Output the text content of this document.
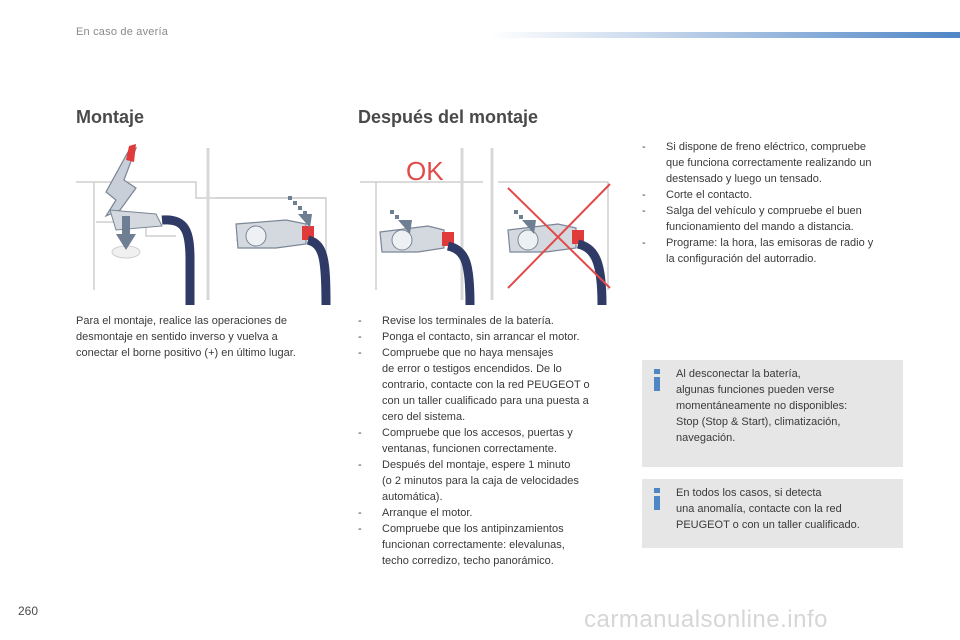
En caso de avería
Montaje
Para el montaje, realice las operaciones de
desmontaje en sentido inverso y vuelva a
conectar el borne positivo (+) en último lugar.
Después del montaje
OK
- Revise los terminales de la batería.
- Ponga el contacto, sin arrancar el motor.
- Compruebe que no haya mensajes
de error o testigos encendidos. De lo
contrario, contacte con la red PEUGEOT o
con un taller cualificado para una puesta a
cero del sistema.
- Compruebe que los accesos, puertas y
ventanas, funcionen correctamente.
- Después del montaje, espere 1 minuto
(o 2 minutos para la caja de velocidades
automática).
- Arranque el motor.
- Compruebe que los antipinzamientos
funcionan correctamente: elevalunas,
techo corredizo, techo panorámico.
- Si dispone de freno eléctrico, compruebe
que funciona correctamente realizando un
destensado y luego un tensado.
- Corte el contacto.
- Salga del vehículo y compruebe el buen
funcionamiento del mando a distancia.
- Programe: la hora, las emisoras de radio y
la configuración del autorradio.
Al desconectar la batería,
algunas funciones pueden verse
momentáneamente no disponibles:
Stop (Stop & Start), climatización,
navegación.
En todos los casos, si detecta
una anomalía, contacte con la red
PEUGEOT o con un taller cualificado.
260	carmanualsonline.info
